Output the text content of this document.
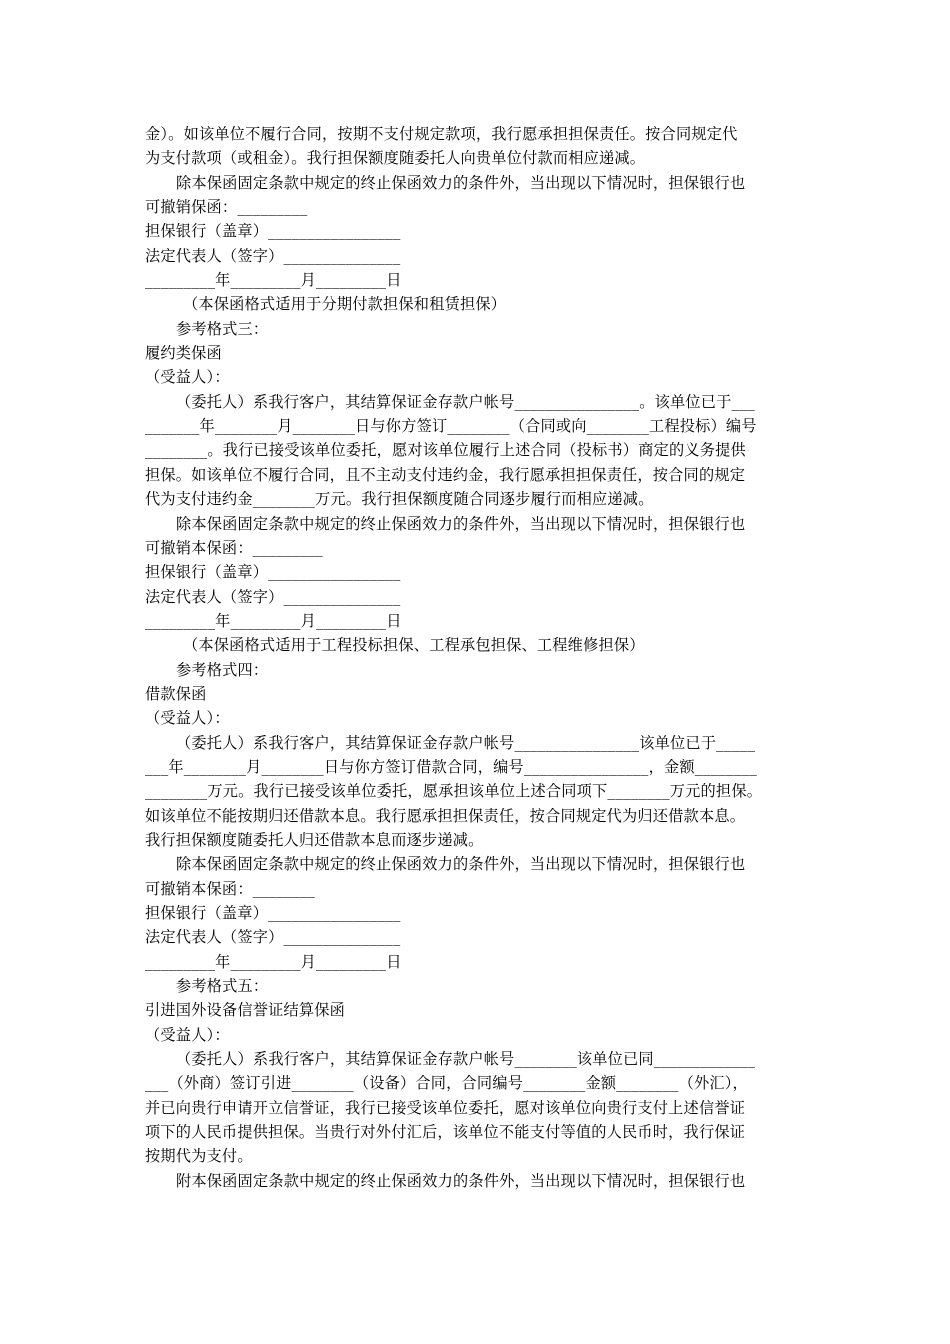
金）。如该单位不履行合同，按期不支付规定款项，我行愿承担担保责任。按合同规定代
为支付款项（或租金）。我行担保额度随委托人向贵单位付款而相应递减。
除本保函固定条款中规定的终止保函效力的条件外，当出现以下情况时，担保银行也
可撤销保函：_________
担保银行（盖章）_________________
法定代表人（签字）_______________
_________年_________月_________日
（本保函格式适用于分期付款担保和租赁担保）
参考格式三：
履约类保函
（受益人）：
（委托人）系我行客户，其结算保证金存款户帐号________________。该单位已于___
_______年________月________日与你方签订________（合同或向________工程投标）编号
________。我行已接受该单位委托，愿对该单位履行上述合同（投标书）商定的义务提供
担保。如该单位不履行合同，且不主动支付违约金，我行愿承担担保责任，按合同的规定
代为支付违约金________万元。我行担保额度随合同逐步履行而相应递减。
除本保函固定条款中规定的终止保函效力的条件外，当出现以下情况时，担保银行也
可撤销本保函：_________
担保银行（盖章）_________________
法定代表人（签字）_______________
_________年_________月_________日
（本保函格式适用于工程投标担保、工程承包担保、工程维修担保）
参考格式四：
借款保函
（受益人）：
（委托人）系我行客户，其结算保证金存款户帐号________________该单位已于_____
___年________月________日与你方签订借款合同，编号________________，金额________
________万元。我行已接受该单位委托，愿承担该单位上述合同项下________万元的担保。
如该单位不能按期归还借款本息。我行愿承担担保责任，按合同规定代为归还借款本息。
我行担保额度随委托人归还借款本息而逐步递减。
除本保函固定条款中规定的终止保函效力的条件外，当出现以下情况时，担保银行也
可撤销本保函：________
担保银行（盖章）_________________
法定代表人（签字）_______________
_________年_________月_________日
参考格式五：
引进国外设备信誉证结算保函
（受益人）：
（委托人）系我行客户，其结算保证金存款户帐号________该单位已同_____________
___（外商）签订引进________（设备）合同，合同编号________金额________（外汇），
并已向贵行申请开立信誉证，我行已接受该单位委托，愿对该单位向贵行支付上述信誉证
项下的人民币提供担保。当贵行对外付汇后，该单位不能支付等值的人民币时，我行保证
按期代为支付。
附本保函固定条款中规定的终止保函效力的条件外，当出现以下情况时，担保银行也
